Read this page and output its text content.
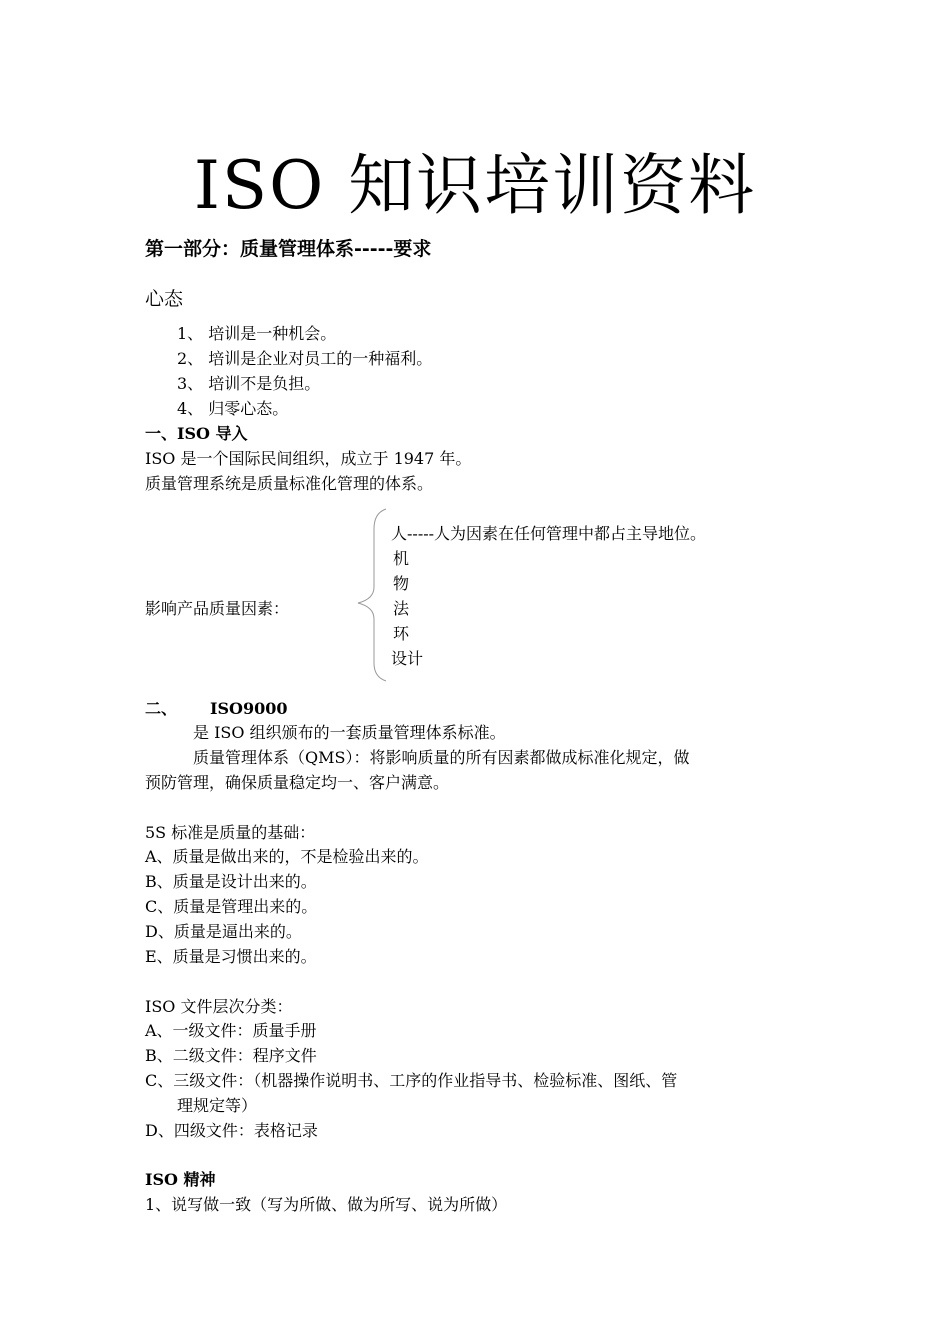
ISO 知识培训资料
第一部分：质量管理体系-----要求
心态
1、 培训是一种机会。
2、 培训是企业对员工的一种福利。
3、 培训不是负担。
4、 归零心态。
一、ISO 导入
ISO 是一个国际民间组织，成立于 1947 年。
质量管理系统是质量标准化管理的体系。
影响产品质量因素：
人-----人为因素在任何管理中都占主导地位。
机
物
法
环
设计
二、 ISO9000
是 ISO 组织颁布的一套质量管理体系标准。
质量管理体系（QMS）：将影响质量的所有因素都做成标准化规定，做
预防管理，确保质量稳定均一、客户满意。
5S 标准是质量的基础：
A、质量是做出来的，不是检验出来的。
B、质量是设计出来的。
C、质量是管理出来的。
D、质量是逼出来的。
E、质量是习惯出来的。
ISO 文件层次分类：
A、一级文件：质量手册
B、二级文件：程序文件
C、三级文件：（机器操作说明书、工序的作业指导书、检验标准、图纸、管
理规定等）
D、四级文件：表格记录
ISO 精神
1、说写做一致（写为所做、做为所写、说为所做）
